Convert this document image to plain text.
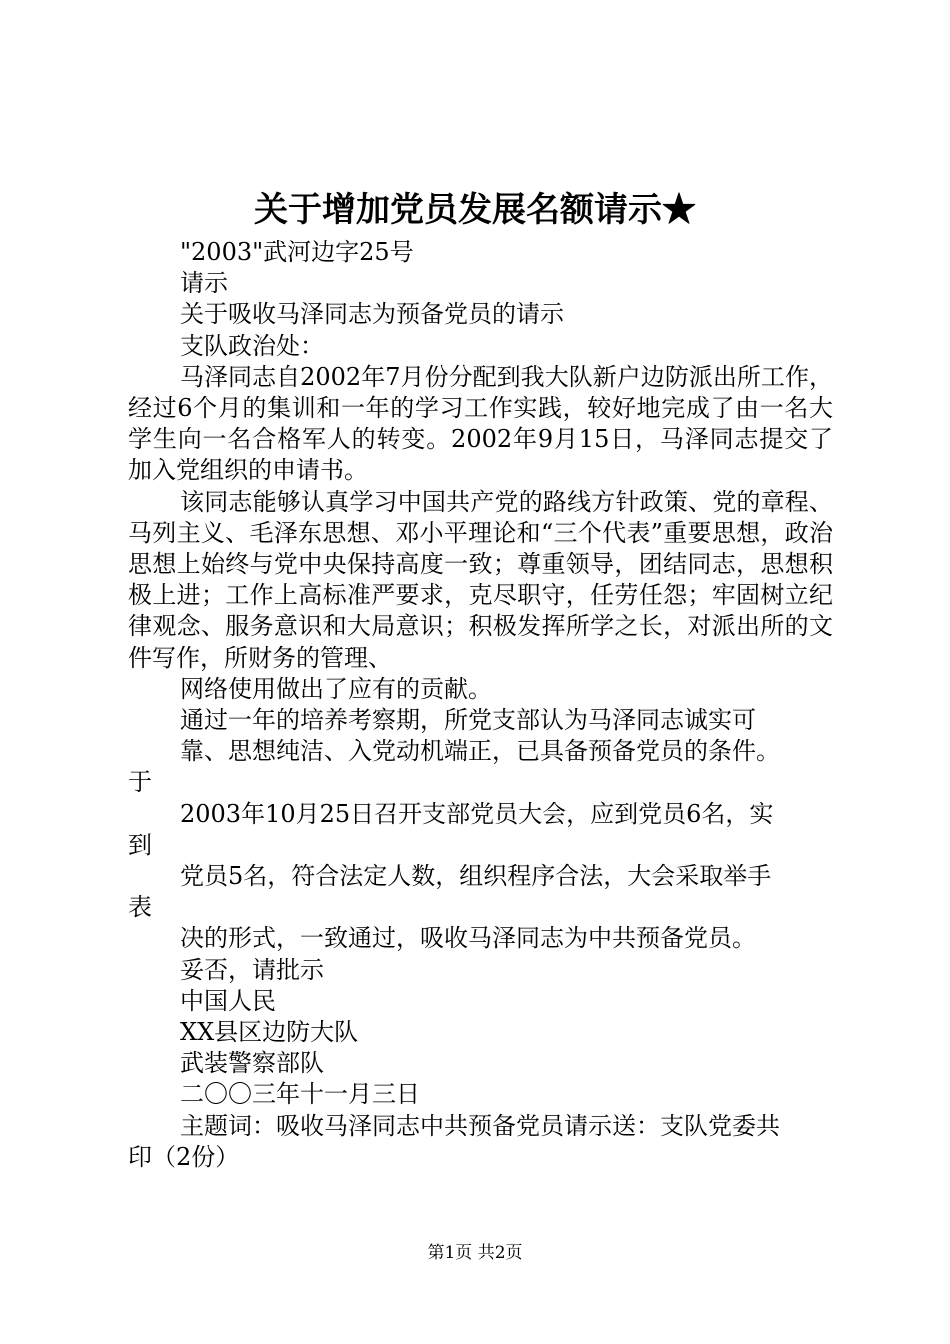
关于增加党员发展名额请示★
"2003"武河边字25号
请示
关于吸收马泽同志为预备党员的请示
支队政治处：
马泽同志自2002年7月份分配到我大队新户边防派出所工作，经过6个月的集训和一年的学习工作实践，较好地完成了由一名大学生向一名合格军人的转变。2002年9月15日，马泽同志提交了加入党组织的申请书。
该同志能够认真学习中国共产党的路线方针政策、党的章程、马列主义、毛泽东思想、邓小平理论和“三个代表”重要思想，政治思想上始终与党中央保持高度一致；尊重领导，团结同志，思想积极上进；工作上高标准严要求，克尽职守，任劳任怨；牢固树立纪律观念、服务意识和大局意识；积极发挥所学之长，对派出所的文件写作，所财务的管理、
网络使用做出了应有的贡献。
通过一年的培养考察期，所党支部认为马泽同志诚实可
靠、思想纯洁、入党动机端正，已具备预备党员的条件。
于
2003年10月25日召开支部党员大会，应到党员6名，实
到
党员5名，符合法定人数，组织程序合法，大会采取举手
表
决的形式，一致通过，吸收马泽同志为中共预备党员。
妥否，请批示
中国人民
XX县区边防大队
武装警察部队
二〇〇三年十一月三日
主题词：吸收马泽同志中共预备党员请示送：支队党委共
印（2份）
第1页 共2页
